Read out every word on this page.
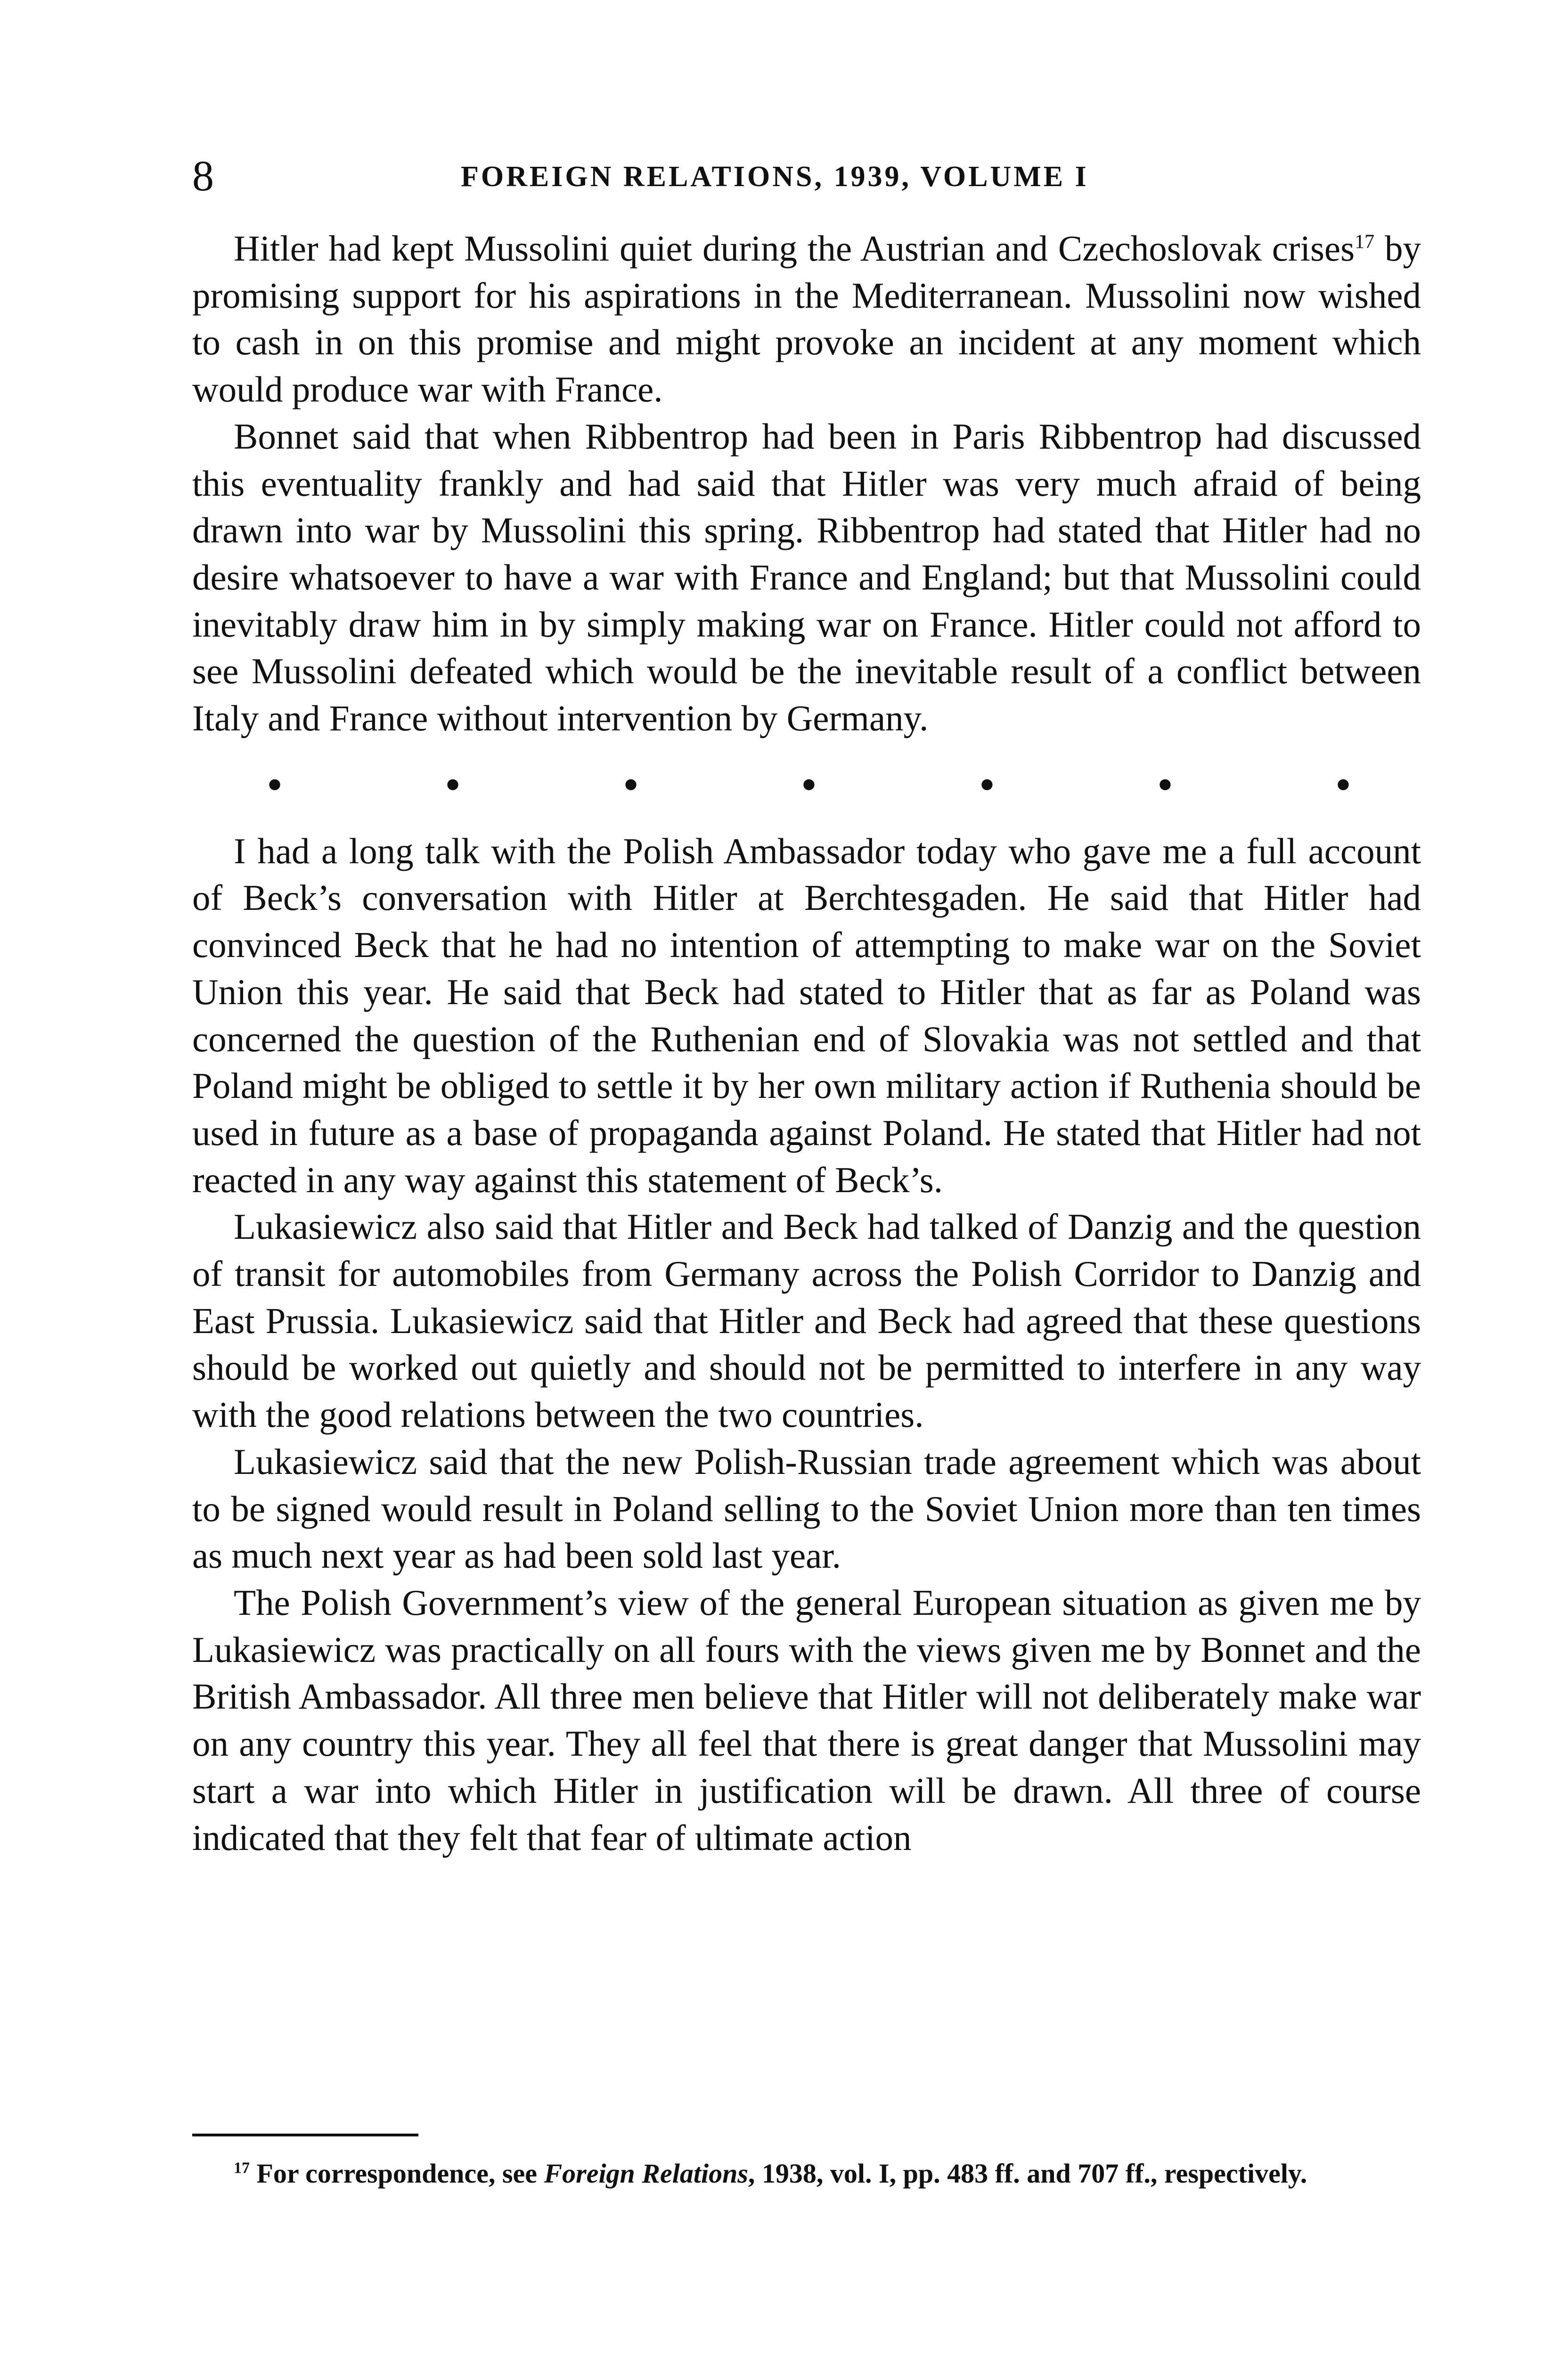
8	FOREIGN RELATIONS, 1939, VOLUME I

Hitler had kept Mussolini quiet during the Austrian and Czechoslovak crises$^{17}$ by promising support for his aspirations in the Mediterranean. Mussolini now wished to cash in on this promise and might provoke an incident at any moment which would produce war with France.

Bonnet said that when Ribbentrop had been in Paris Ribbentrop had discussed this eventuality frankly and had said that Hitler was very much afraid of being drawn into war by Mussolini this spring. Ribbentrop had stated that Hitler had no desire whatsoever to have a war with France and England; but that Mussolini could inevitably draw him in by simply making war on France. Hitler could not afford to see Mussolini defeated which would be the inevitable result of a conflict between Italy and France without intervention by Germany.

•	•	•	•	•	•	•

I had a long talk with the Polish Ambassador today who gave me a full account of Beck’s conversation with Hitler at Berchtesgaden. He said that Hitler had convinced Beck that he had no intention of attempting to make war on the Soviet Union this year. He said that Beck had stated to Hitler that as far as Poland was concerned the question of the Ruthenian end of Slovakia was not settled and that Poland might be obliged to settle it by her own military action if Ruthenia should be used in future as a base of propaganda against Poland. He stated that Hitler had not reacted in any way against this statement of Beck’s.

Lukasiewicz also said that Hitler and Beck had talked of Danzig and the question of transit for automobiles from Germany across the Polish Corridor to Danzig and East Prussia. Lukasiewicz said that Hitler and Beck had agreed that these questions should be worked out quietly and should not be permitted to interfere in any way with the good relations between the two countries.

Lukasiewicz said that the new Polish-Russian trade agreement which was about to be signed would result in Poland selling to the Soviet Union more than ten times as much next year as had been sold last year.

The Polish Government’s view of the general European situation as given me by Lukasiewicz was practically on all fours with the views given me by Bonnet and the British Ambassador. All three men believe that Hitler will not deliberately make war on any country this year. They all feel that there is great danger that Mussolini may start a war into which Hitler in justification will be drawn. All three of course indicated that they felt that fear of ultimate action

$^{17}$ For correspondence, see Foreign Relations, 1938, vol. I, pp. 483 ff. and 707 ff., respectively.
